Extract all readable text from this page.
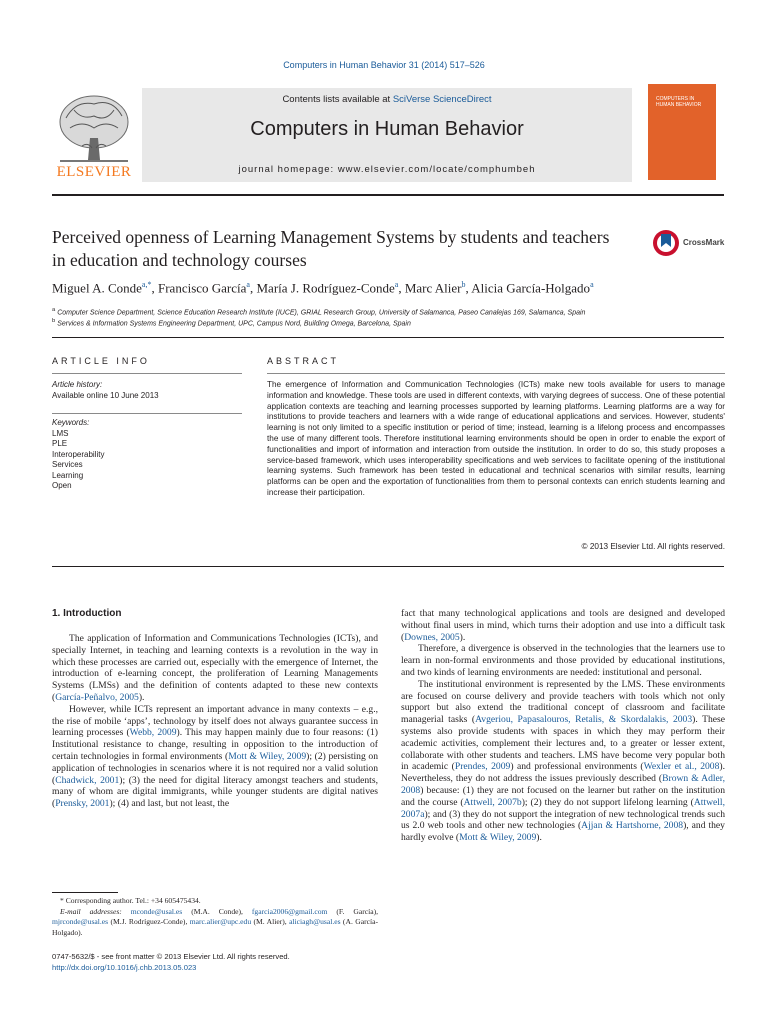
Computers in Human Behavior 31 (2014) 517–526
ELSEVIER
Contents lists available at SciVerse ScienceDirect
Computers in Human Behavior
journal homepage: www.elsevier.com/locate/comphumbeh
COMPUTERS IN HUMAN BEHAVIOR
Perceived openness of Learning Management Systems by students and teachers in education and technology courses
CrossMark
Miguel A. Conde$^{a,*}$, Francisco García$^a$, María J. Rodríguez-Conde$^a$, Marc Alier$^b$, Alicia García-Holgado$^a$
$^a$ Computer Science Department, Science Education Research Institute (IUCE), GRIAL Research Group, University of Salamanca, Paseo Canalejas 169, Salamanca, Spain
$^b$ Services & Information Systems Engineering Department, UPC, Campus Nord, Building Omega, Barcelona, Spain
ARTICLE INFO
Article history:
Available online 10 June 2013
Keywords:
LMS
PLE
Interoperability
Services
Learning
Open
ABSTRACT
The emergence of Information and Communication Technologies (ICTs) make new tools available for users to manage information and knowledge. These tools are used in different contexts, with varying degrees of success. One of these potential application contexts are teaching and learning processes supported by learning platforms. Learning platforms are a way for institutions to provide teachers and learners with a wide range of educational applications and services. However, students' learning is not only limited to a specific institution or period of time; instead, learning is a lifelong process and encompasses the use of many different tools. Therefore institutional learning environments should be open in order to enable the export of functionalities and import of information and interaction from outside the institution. In order to do so, this study proposes a service-based framework, which uses interoperability specifications and web services to facilitate opening of the institutional learning systems. Such framework has been tested in educational and technical scenarios with similar results, learning platforms can be open and the exportation of functionalities from them to personal contexts can enrich students learning and increase their participation.
© 2013 Elsevier Ltd. All rights reserved.
1. Introduction

The application of Information and Communications Technologies (ICTs), and specially Internet, in teaching and learning contexts is a revolution in the way in which these processes are carried out, especially with the emergence of Internet, the introduction of e-learning concept, the proliferation of Learning Managements Systems (LMSs) and the definition of contents adapted to these new contexts (García-Peñalvo, 2005).

However, while ICTs represent an important advance in many contexts – e.g., the rise of mobile ‘apps’, technology by itself does not always guarantee success in learning processes (Webb, 2009). This may happen mainly due to four reasons: (1) Institutional resistance to change, resulting in opposition to the introduction of certain technologies in formal environments (Mott & Wiley, 2009); (2) persisting on application of technologies in scenarios where it is not required nor a valid solution (Chadwick, 2001); (3) the need for digital literacy amongst teachers and students, many of whom are digital immigrants, while younger students are digital natives (Prensky, 2001); (4) and last, but not least, the

fact that many technological applications and tools are designed and developed without final users in mind, which turns their adoption and use into a difficult task (Downes, 2005).

Therefore, a divergence is observed in the technologies that the learners use to learn in non-formal environments and those provided by educational institutions, and two kinds of learning environments are needed: institutional and personal.

The institutional environment is represented by the LMS. These environments are focused on course delivery and provide teachers with tools which not only support but also extend the traditional concept of classroom and facilitate managerial tasks (Avgeriou, Papasalouros, Retalis, & Skordalakis, 2003). These systems also provide students with spaces in which they may perform their academic activities, complement their lectures and, to a greater or lesser extent, collaborate with other students and teachers. LMS have become very popular both in academic (Prendes, 2009) and professional environments (Wexler et al., 2008). Nevertheless, they do not address the issues previously described (Brown & Adler, 2008) because: (1) they are not focused on the learner but rather on the institution and the course (Attwell, 2007b); (2) they do not support lifelong learning (Attwell, 2007a); and (3) they do not support the integration of new technological trends such us 2.0 web tools and other new technologies (Ajjan & Hartshorne, 2008), and they hardly evolve (Mott & Wiley, 2009).

* Corresponding author. Tel.: +34 605475434.

E-mail addresses: mconde@usal.es (M.A. Conde), fgarcia2006@gmail.com (F. García), mjrconde@usal.es (M.J. Rodríguez-Conde), marc.alier@upc.edu (M. Alier), aliciagh@usal.es (A. García-Holgado).

0747-5632/$ - see front matter © 2013 Elsevier Ltd. All rights reserved.
http://dx.doi.org/10.1016/j.chb.2013.05.023
